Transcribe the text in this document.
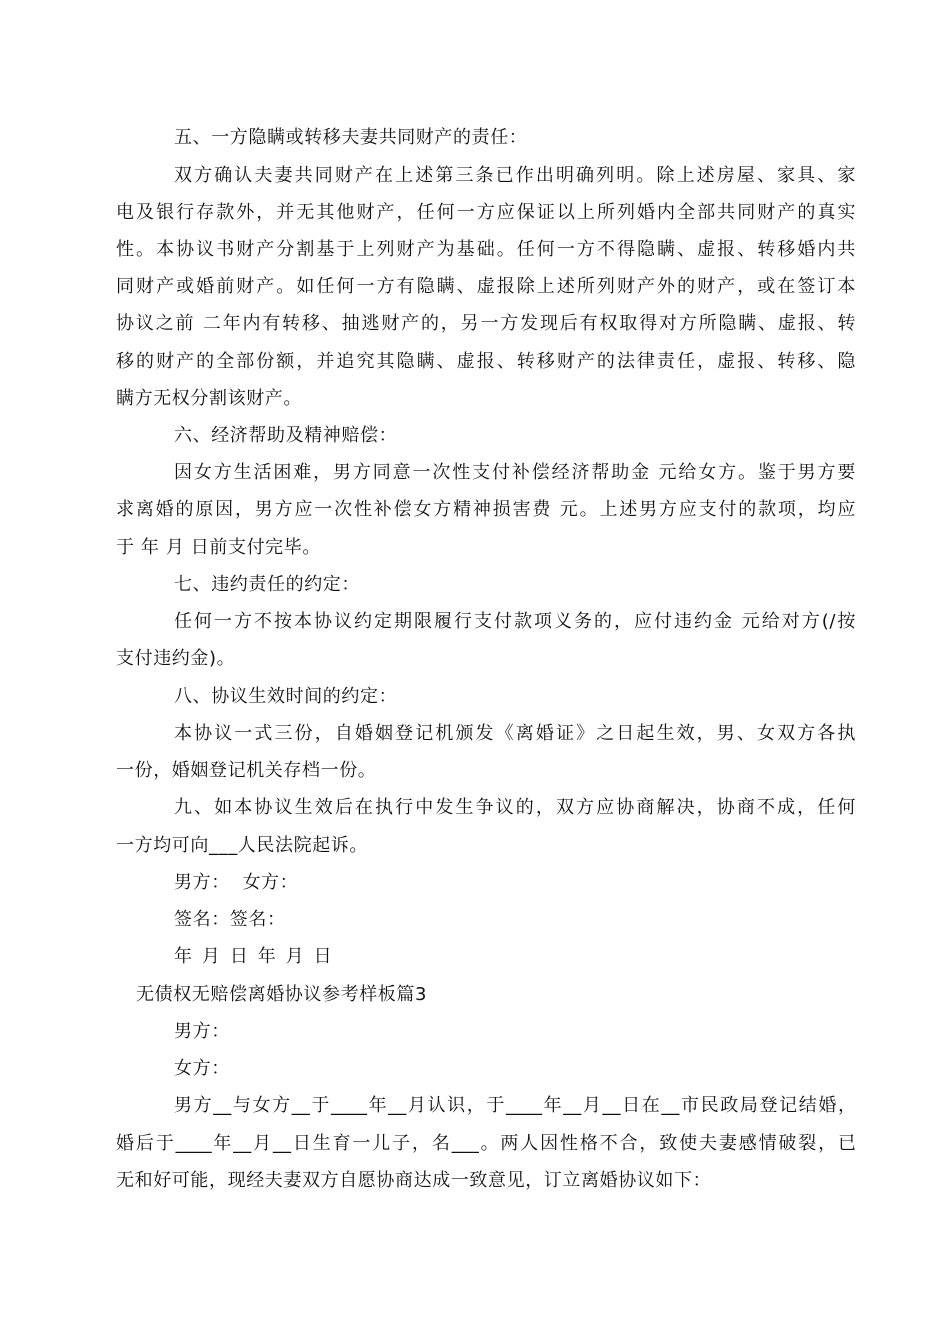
五、一方隐瞒或转移夫妻共同财产的责任：
双方确认夫妻共同财产在上述第三条已作出明确列明。除上述房屋、家具、家
电及银行存款外，并无其他财产，任何一方应保证以上所列婚内全部共同财产的真实
性。本协议书财产分割基于上列财产为基础。任何一方不得隐瞒、虚报、转移婚内共
同财产或婚前财产。如任何一方有隐瞒、虚报除上述所列财产外的财产，或在签订本
协议之前 二年内有转移、抽逃财产的，另一方发现后有权取得对方所隐瞒、虚报、转
移的财产的全部份额，并追究其隐瞒、虚报、转移财产的法律责任，虚报、转移、隐
瞒方无权分割该财产。
六、经济帮助及精神赔偿：
因女方生活困难，男方同意一次性支付补偿经济帮助金 元给女方。鉴于男方要
求离婚的原因，男方应一次性补偿女方精神损害费 元。上述男方应支付的款项，均应
于 年 月 日前支付完毕。
七、违约责任的约定：
任何一方不按本协议约定期限履行支付款项义务的，应付违约金 元给对方(/按
支付违约金)。
八、协议生效时间的约定：
本协议一式三份，自婚姻登记机颁发《离婚证》之日起生效，男、女双方各执
一份，婚姻登记机关存档一份。
九、如本协议生效后在执行中发生争议的，双方应协商解决，协商不成，任何
一方均可向___人民法院起诉。
男方：  女方：
签名：签名：
年 月 日 年 月 日
无债权无赔偿离婚协议参考样板篇3
男方：
女方：
男方__与女方__于____年__月认识，于____年__月__日在__市民政局登记结婚，
婚后于____年__月__日生育一儿子，名___。两人因性格不合，致使夫妻感情破裂，已
无和好可能，现经夫妻双方自愿协商达成一致意见，订立离婚协议如下：
